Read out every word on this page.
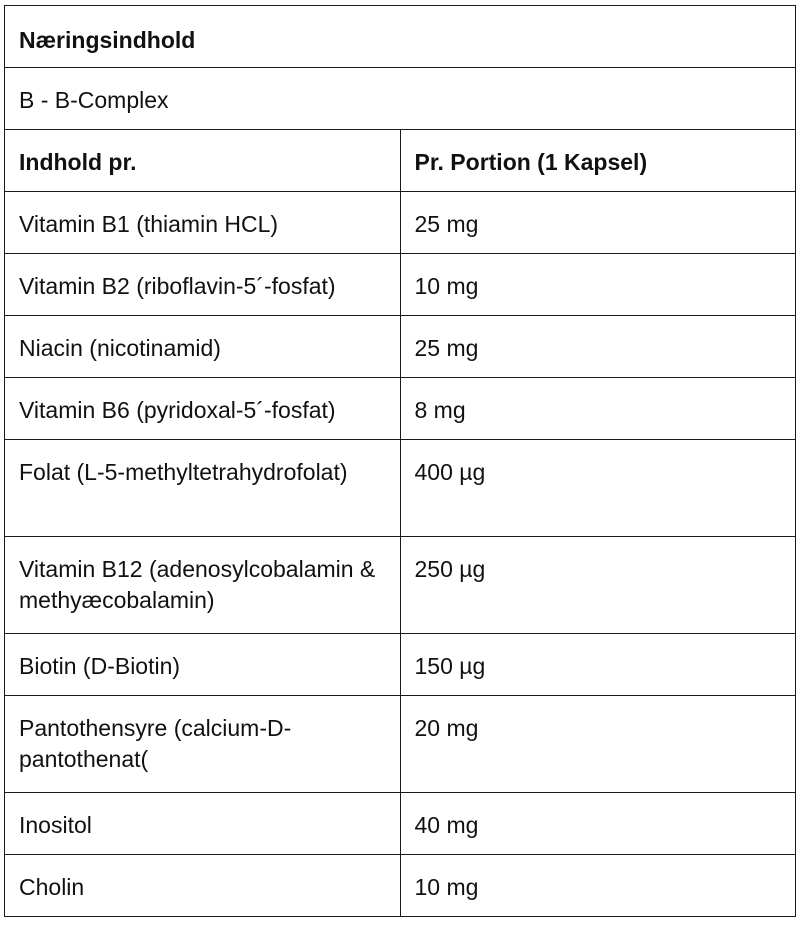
Næringsindhold	
B - B-Complex	
Indhold pr.	Pr. Portion (1 Kapsel)
Vitamin B1 (thiamin HCL)	25 mg
Vitamin B2 (riboflavin-5´-fosfat)	10 mg
Niacin (nicotinamid)	25 mg
Vitamin B6 (pyridoxal-5´-fosfat)	8 mg
Folat (L-5-methyltetrahydrofolat)	400 µg
Vitamin B12 (adenosylcobalamin & methyæcobalamin)	250 µg
Biotin (D-Biotin)	150 µg
Pantothensyre (calcium-D-pantothenat(	20 mg
Inositol	40 mg
Cholin	10 mg
